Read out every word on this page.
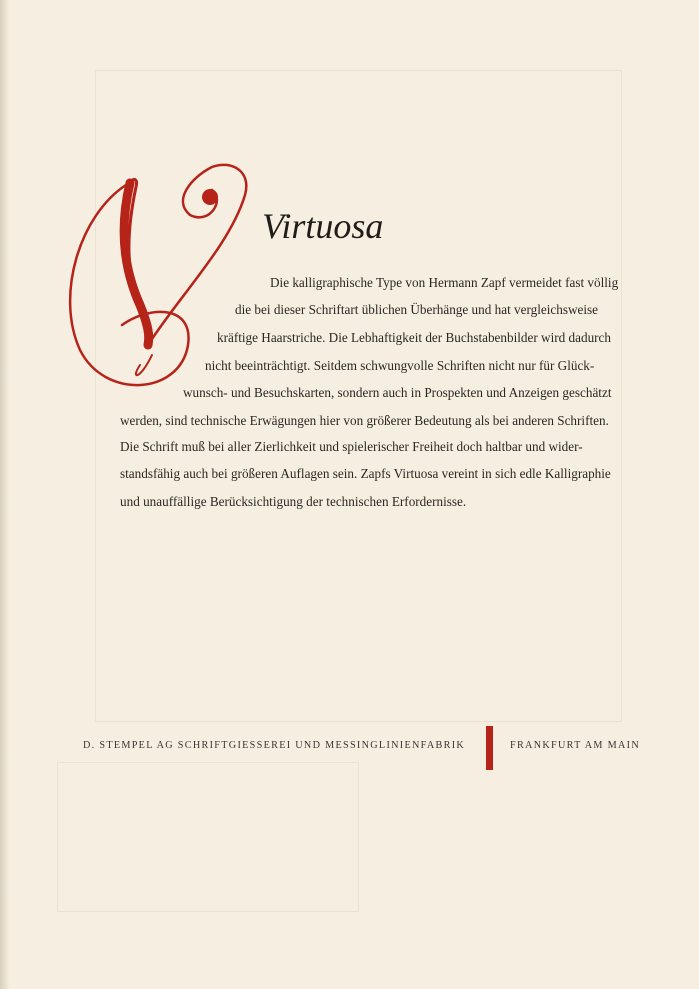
Virtuosa
Die kalligraphische Type von Hermann Zapf vermeidet fast völlig
die bei dieser Schriftart üblichen Überhänge und hat vergleichsweise
kräftige Haarstriche. Die Lebhaftigkeit der Buchstabenbilder wird dadurch
nicht beeinträchtigt. Seitdem schwungvolle Schriften nicht nur für Glück-
wunsch- und Besuchskarten, sondern auch in Prospekten und Anzeigen geschätzt
werden, sind technische Erwägungen hier von größerer Bedeutung als bei anderen Schriften.
Die Schrift muß bei aller Zierlichkeit und spielerischer Freiheit doch haltbar und wider-
standsfähig auch bei größeren Auflagen sein. Zapfs Virtuosa vereint in sich edle Kalligraphie
und unauffällige Berücksichtigung der technischen Erfordernisse.
D. STEMPEL AG SCHRIFTGIESSEREI UND MESSINGLINIENFABRIK	FRANKFURT AM MAIN
